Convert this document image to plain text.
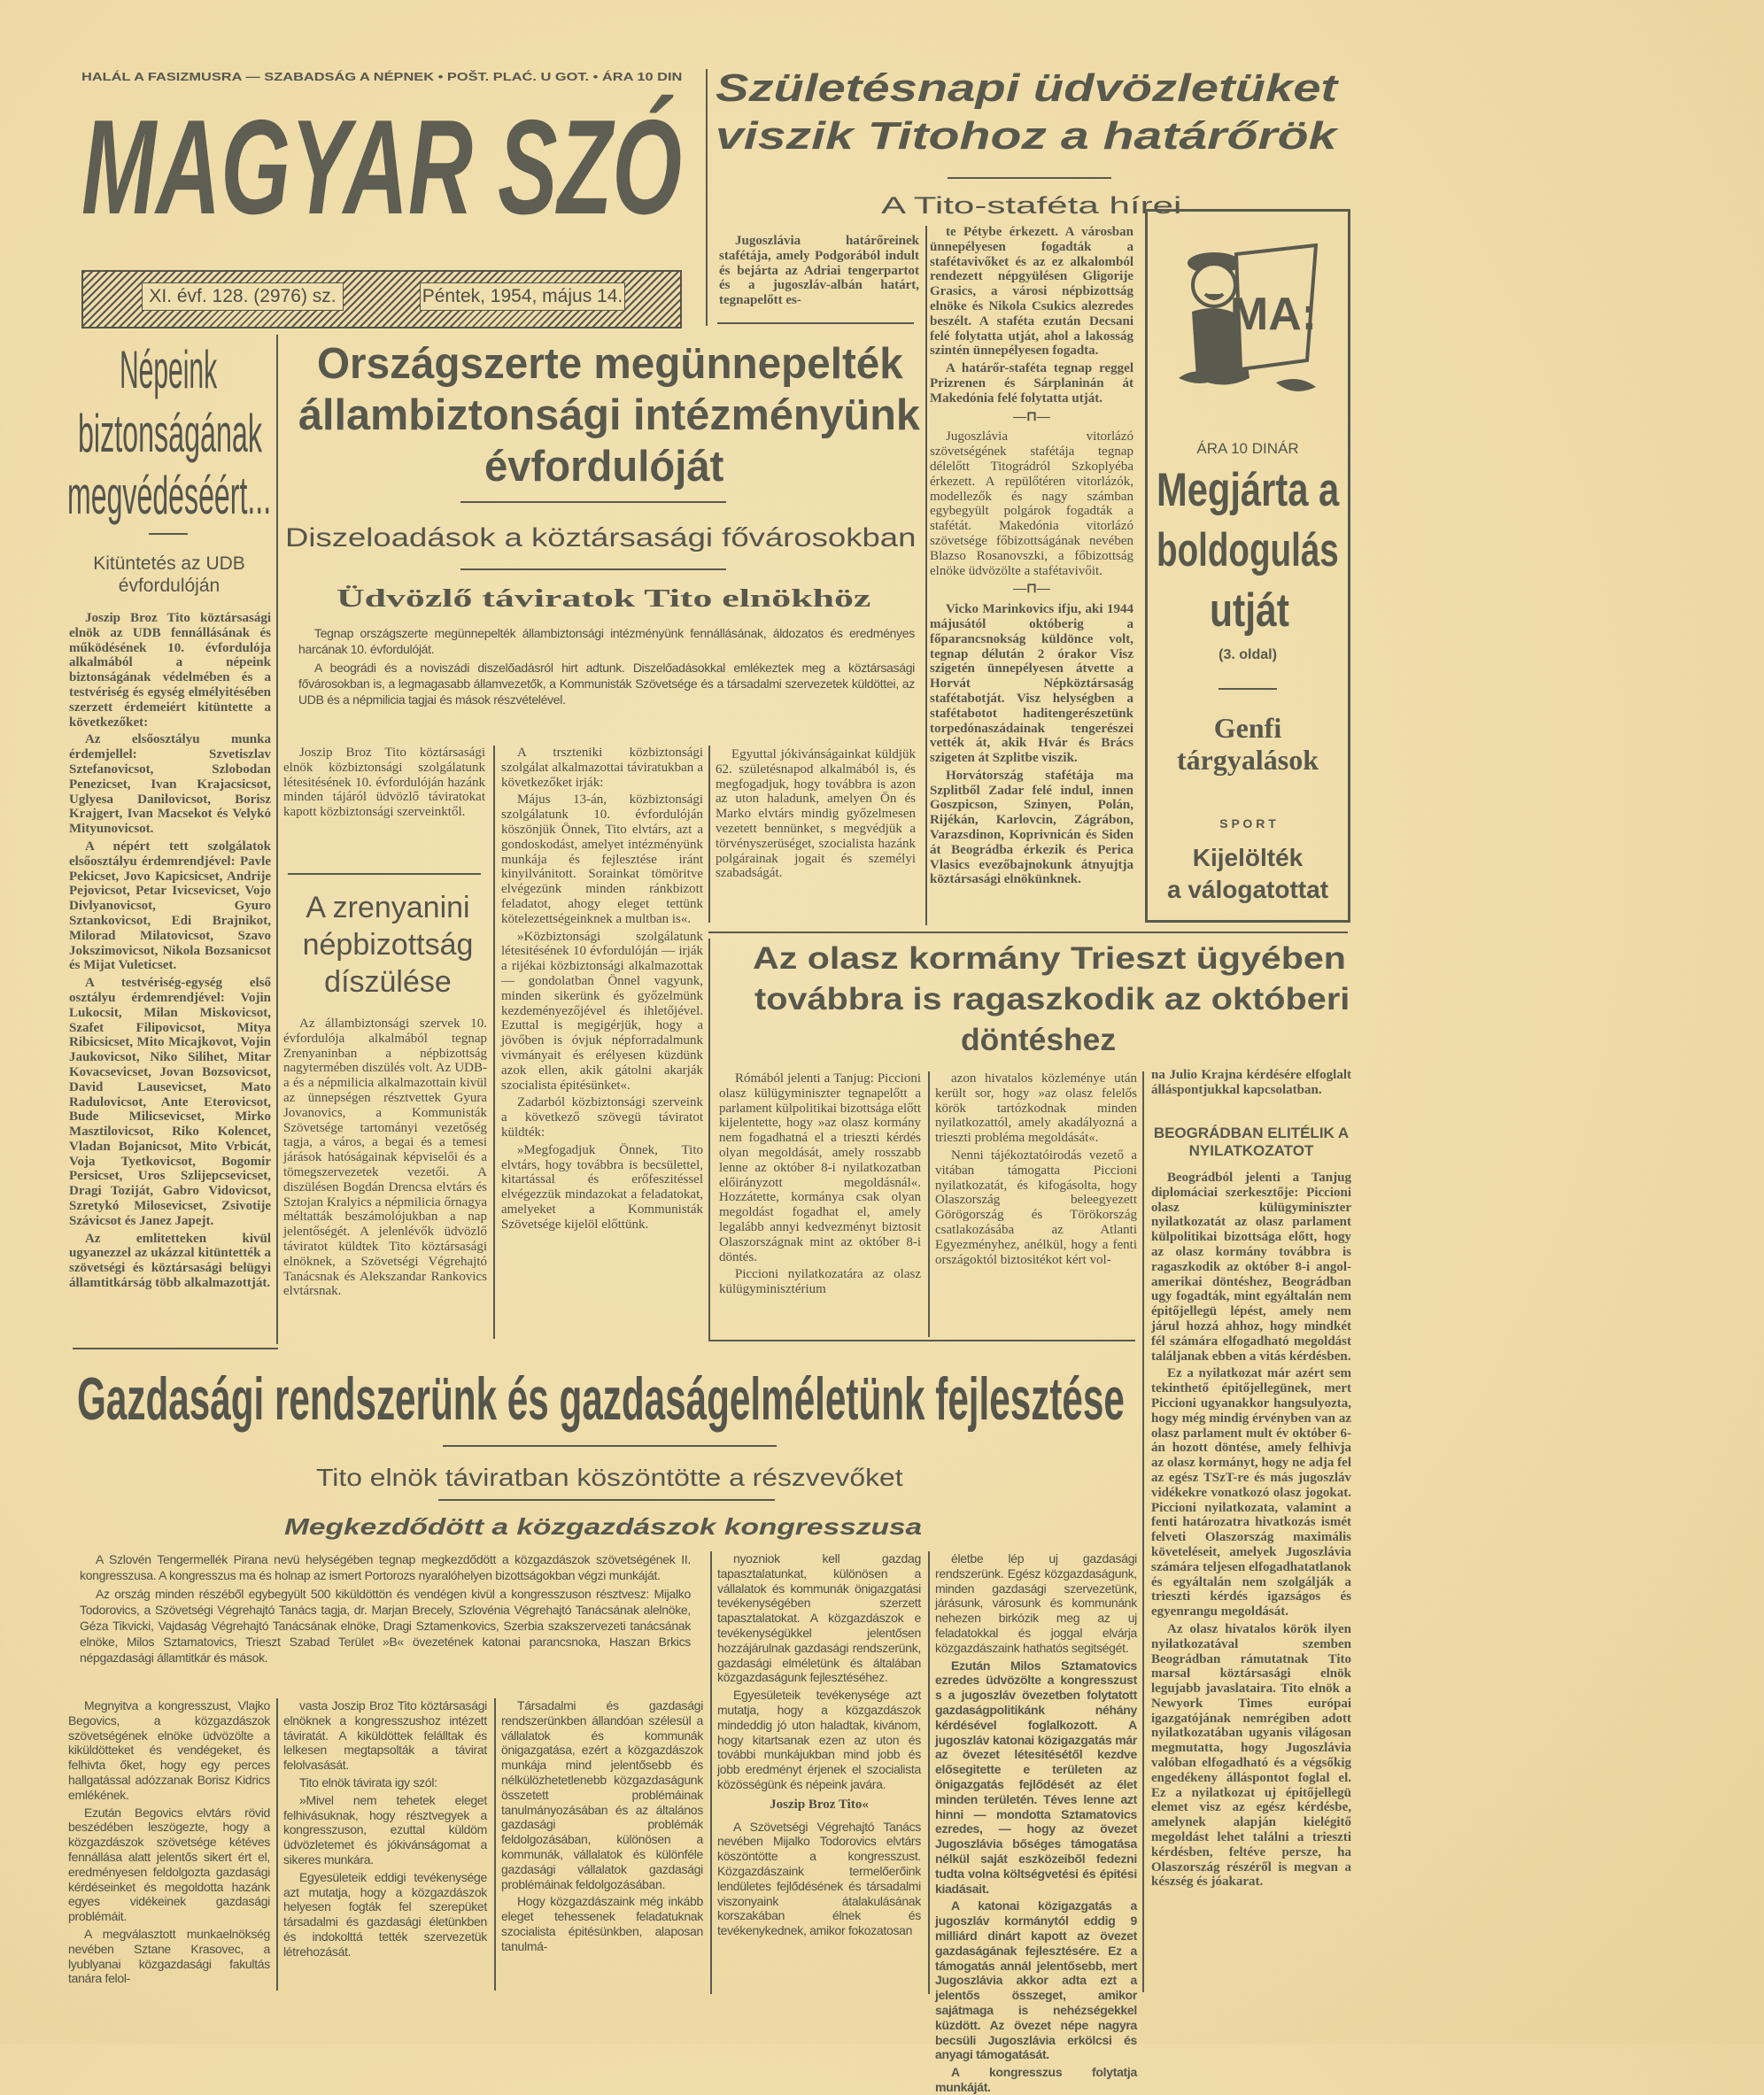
HALÁL A FASIZMUSRA — SZABADSÁG A NÉPNEK • POŠT. PLAĆ. U GOT. • ÁRA 10 DIN
MAGYAR SZÓ
XI. évf. 128. (2976) sz.	Péntek, 1954, május 14.
Születésnapi üdvözletüket
viszik Titohoz a határőrök
A Tito-staféta hírei

Jugoszlávia határőreinek stafétája, amely Podgorából indult és bejárta az Adriai tengerpartot és a jugoszláv-albán határt, tegnapelőtt es-

te Pétybe érkezett. A városban ünnepélyesen fogadták a stafétavivőket és az ez alkalomból rendezett népgyülésen Gligorije Grasics, a városi népbizottság elnöke és Nikola Csukics alezredes beszélt. A staféta ezután Decsani felé folytatta utját, ahol a lakosság szintén ünnepélyesen fogadta.

A határőr-staféta tegnap reggel Prizrenen és Sárplaninán át Makedónia felé folytatta utját.

—⊓—

Jugoszlávia vitorlázó szövetségének stafétája tegnap délelőtt Titográdról Szkoplyéba érkezett. A repülőtéren vitorlázók, modellezők és nagy számban egybegyült polgárok fogadták a stafétát. Makedónia vitorlázó szövetsége főbizottságának nevében Blazso Rosanovszki, a főbizottság elnöke üdvözölte a stafétavivőit.

—⊓—

Vicko Marinkovics ifju, aki 1944 májusától októberig a főparancsnokság küldönce volt, tegnap délután 2 órakor Visz szigetén ünnepélyesen átvette a Horvát Népköztársaság stafétabotját. Visz helységben a stafétabotot haditengerészetünk torpedónaszádainak tengerészei vették át, akik Hvár és Brács szigeten át Szplitbe viszik.

Horvátország stafétája ma Szplitből Zadar felé indul, innen Goszpicson, Szinyen, Polán, Rijékán, Karlovcin, Zágrábon, Varazsdinon, Koprivnicán és Siden át Beográdba érkezik és Perica Vlasics evezőbajnokunk átnyujtja köztársasági elnökünknek.

MA:
ÁRA 10 DINÁR
Megjárta a
boldogulás
utját
(3. oldal)
Genfi
tárgyalások
S P O R T
Kijelölték
a válogatottat
Népeink
biztonságának
megvédéséért...
Kitüntetés az UDB
évfordulóján

Joszip Broz Tito köztársasági elnök az UDB fennállásának és működésének 10. évfordulója alkalmából a népeink biztonságának védelmében és a testvériség és egység elmélyitésében szerzett érdemeiért kitüntette a következőket:

Az elsőosztályu munka érdemjellel: Szvetiszlav Sztefanovicsot, Szlobodan Penezicset, Ivan Krajacsicsot, Uglyesa Danilovicsot, Borisz Krajgert, Ivan Macsekot és Velykó Mityunovicsot.

A népért tett szolgálatok elsőosztályu érdemrendjével: Pavle Pekicset, Jovo Kapicsicset, Andrije Pejovicsot, Petar Ivicsevicset, Vojo Divlyanovicsot, Gyuro Sztankovicsot, Edi Brajnikot, Milorad Milatovicsot, Szavo Jokszimovicsot, Nikola Bozsanicsot és Mijat Vuleticset.

A testvériség-egység első osztályu érdemrendjével: Vojin Lukocsit, Milan Miskovicsot, Szafet Filipovicsot, Mitya Ribicsicset, Mito Micajkovot, Vojin Jaukovicsot, Niko Silihet, Mitar Kovacsevicset, Jovan Bozsovicsot, David Lausevicset, Mato Radulovicsot, Ante Eterovicsot, Bude Milicsevicset, Mirko Masztilovicsot, Riko Kolencet, Vladan Bojanicsot, Mito Vrbicát, Voja Tyetkovicsot, Bogomir Persicset, Uros Szlijepcsevicset, Dragi Toziját, Gabro Vidovicsot, Szretykó Milosevicset, Zsivotije Szávicsot és Janez Japejt.

Az emlitetteken kivül ugyanezzel az ukázzal kitüntették a szövetségi és köztársasági belügyi államtitkárság több alkalmazottját.

Országszerte megünnepelték
állambiztonsági intézményünk
évfordulóját
Diszeloadások a köztársasági fővárosokban
Üdvözlő táviratok Tito elnökhöz

Tegnap országszerte megünnepelték állambiztonsági intézményünk fennállásának, áldozatos és eredményes harcának 10. évfordulóját.

A beográdi és a noviszádi diszelőadásról hirt adtunk. Diszelőadásokkal emlékeztek meg a köztársasági fővárosokban is, a legmagasabb államvezetők, a Kommunisták Szövetsége és a társadalmi szervezetek küldöttei, az UDB és a népmilicia tagjai és mások részvételével.

Joszip Broz Tito köztársasági elnök közbiztonsági szolgálatunk létesitésének 10. évfordulóján hazánk minden tájáról üdvözlő táviratokat kapott közbiztonsági szerveinktől.

A zrenyanini
népbizottság
díszülése

Az állambiztonsági szervek 10. évfordulója alkalmából tegnap Zrenyaninban a népbizottság nagytermében diszülés volt. Az UDB-a és a népmilicia alkalmazottain kivül az ünnepségen résztvettek Gyura Jovanovics, a Kommunisták Szövetsége tartományi vezetőség tagja, a város, a begai és a temesi járások hatóságainak képviselői és a tömegszervezetek vezetői. A diszülésen Bogdán Drencsa elvtárs és Sztojan Kralyics a népmilicia őrnagya méltatták beszámolójukban a nap jelentőségét. A jelenlévők üdvözlő táviratot küldtek Tito köztársasági elnöknek, a Szövetségi Végrehajtó Tanácsnak és Alekszandar Rankovics elvtársnak.

A trszteniki közbiztonsági szolgálat alkalmazottai táviratukban a következőket irják:

Május 13-án, közbiztonsági szolgálatunk 10. évfordulóján köszönjük Önnek, Tito elvtárs, azt a gondoskodást, amelyet intézményünk munkája és fejlesztése iránt kinyilvánitott. Sorainkat tömöritve elvégezünk minden ránkbizott feladatot, ahogy eleget tettünk kötelezettségeinknek a multban is«.

»Közbiztonsági szolgálatunk létesitésének 10 évfordulóján — irják a rijékai közbiztonsági alkalmazottak — gondolatban Önnel vagyunk, minden sikerünk és győzelmünk kezdeményezőjével és ihletőjével. Ezuttal is megigérjük, hogy a jövőben is óvjuk népforradalmunk vivmányait és erélyesen küzdünk azok ellen, akik gátolni akarják szocialista épitésünket«.

Zadarból közbiztonsági szerveink a következő szövegü táviratot küldték:

»Megfogadjuk Önnek, Tito elvtárs, hogy továbbra is becsülettel, kitartással és erőfeszitéssel elvégezzük mindazokat a feladatokat, amelyeket a Kommunisták Szövetsége kijelöl előttünk.

Egyuttal jókivánságainkat küldjük 62. születésnapod alkalmából is, és megfogadjuk, hogy továbbra is azon az uton haladunk, amelyen Ön és Marko elvtárs mindig győzelmesen vezetett bennünket, s megvédjük a törvényszerüséget, szocialista hazánk polgárainak jogait és személyi szabadságát.

Az olasz kormány Trieszt ügyében
továbbra is ragaszkodik az októberi
döntéshez

Rómából jelenti a Tanjug: Piccioni olasz külügyminiszter tegnapelőtt a parlament külpolitikai bizottsága előtt kijelentette, hogy »az olasz kormány nem fogadhatná el a trieszti kérdés olyan megoldását, amely rosszabb lenne az október 8-i nyilatkozatban előirányzott megoldásnál«. Hozzátette, kormánya csak olyan megoldást fogadhat el, amely legalább annyi kedvezményt biztosit Olaszországnak mint az október 8-i döntés.

Piccioni nyilatkozatára az olasz külügyminisztérium

azon hivatalos közleménye után került sor, hogy »az olasz felelős körök tartózkodnak minden nyilatkozattól, amely akadályozná a trieszti probléma megoldását«.

Nenni tájékoztatóirodás vezető a vitában támogatta Piccioni nyilatkozatát, és kifogásolta, hogy Olaszország beleegyezett Görögország és Törökország csatlakozásába az Atlanti Egyezményhez, anélkül, hogy a fenti országoktól biztositékot kért vol-

na Julio Krajna kérdésére elfoglalt álláspontjukkal kapcsolatban.

BEOGRÁDBAN ELITÉLIK A NYILATKOZATOT

Beográdból jelenti a Tanjug diplomáciai szerkesztője: Piccioni olasz külügyminiszter nyilatkozatát az olasz parlament külpolitikai bizottsága előtt, hogy az olasz kormány továbbra is ragaszkodik az október 8-i angol-amerikai döntéshez, Beográdban ugy fogadták, mint egyáltalán nem épitőjellegü lépést, amely nem járul hozzá ahhoz, hogy mindkét fél számára elfogadható megoldást találjanak ebben a vitás kérdésben.

Ez a nyilatkozat már azért sem tekinthető épitőjellegünek, mert Piccioni ugyanakkor hangsulyozta, hogy még mindig érvényben van az olasz parlament mult év október 6-án hozott döntése, amely felhivja az olasz kormányt, hogy ne adja fel az egész TSzT-re és más jugoszláv vidékekre vonatkozó olasz jogokat. Piccioni nyilatkozata, valamint a fenti határozatra hivatkozás ismét felveti Olaszország maximális követeléseit, amelyek Jugoszlávia számára teljesen elfogadhatatlanok és egyáltalán nem szolgálják a trieszti kérdés igazságos és egyenrangu megoldását.

Az olasz hivatalos körök ilyen nyilatkozatával szemben Beográdban rámutatnak Tito marsal köztársasági elnök legujabb javaslataira. Tito elnök a Newyork Times európai igazgatójának nemrégiben adott nyilatkozatában ugyanis világosan megmutatta, hogy Jugoszlávia valóban elfogadható és a végsőkig engedékeny álláspontot foglal el. Ez a nyilatkozat uj épitőjellegü elemet visz az egész kérdésbe, amelynek alapján kielégitő megoldást lehet találni a trieszti kérdésben, feltéve persze, ha Olaszország részéről is megvan a készség és jóakarat.

Gazdasági rendszerünk és gazdaságelméletünk fejlesztése
Tito elnök táviratban köszöntötte a részvevőket
Megkezdődött a közgazdászok kongresszusa

A Szlovén Tengermellék Pirana nevü helységében tegnap megkezdődött a közgazdászok szövetségének II. kongresszusa. A kongresszus ma és holnap az ismert Portorozs nyaralóhelyen bizottságokban végzi munkáját.

Az ország minden részéből egybegyült 500 kiküldöttön és vendégen kivül a kongresszuson résztvesz: Mijalko Todorovics, a Szövetségi Végrehajtó Tanács tagja, dr. Marjan Brecely, Szlovénia Végrehajtó Tanácsának alelnöke, Géza Tikvicki, Vajdaság Végrehajtó Tanácsának elnöke, Dragi Sztamenkovics, Szerbia szakszervezeti tanácsának elnöke, Milos Sztamatovics, Trieszt Szabad Terület »B« övezetének katonai parancsnoka, Haszan Brkics népgazdasági államtitkár és mások.

Megnyitva a kongresszust, Vlajko Begovics, a közgazdászok szövetségének elnöke üdvözölte a kiküldötteket és vendégeket, és felhivta őket, hogy egy perces hallgatással adózzanak Borisz Kidrics emlékének.

Ezután Begovics elvtárs rövid beszédében leszögezte, hogy a közgazdászok szövetsége kétéves fennállása alatt jelentős sikert ért el, eredményesen feldolgozta gazdasági kérdéseinket és megoldotta hazánk egyes vidékeinek gazdasági problémáit.

A megválasztott munkaelnökség nevében Sztane Krasovec, a lyublyanai közgazdasági fakultás tanára felol-

vasta Joszip Broz Tito köztársasági elnöknek a kongresszushoz intézett táviratát. A kiküldöttek felálltak és lelkesen megtapsolták a távirat felolvasását.

Tito elnök távirata igy szól:

»Mivel nem tehetek eleget felhivásuknak, hogy résztvegyek a kongresszuson, ezuttal küldöm üdvözletemet és jókivánságomat a sikeres munkára.

Egyesületeik eddigi tevékenysége azt mutatja, hogy a közgazdászok helyesen fogták fel szerepüket társadalmi és gazdasági életünkben és indokolttá tették szervezetük létrehozását.

Társadalmi és gazdasági rendszerünkben állandóan szélesül a vállalatok és kommunák önigazgatása, ezért a közgazdászok munkája mind jelentősebb és nélkülözhetetlenebb közgazdaságunk összetett problémáinak tanulmányozásában és az általános gazdasági problémák feldolgozásában, különösen a kommunák, vállalatok és különféle gazdasági vállalatok gazdasági problémáinak feldolgozásában.

Hogy közgazdászaink még inkább eleget tehessenek feladatuknak szocialista épitésünkben, alaposan tanulmá-

nyozniok kell gazdag tapasztalatunkat, különösen a vállalatok és kommunák önigazgatási tevékenységében szerzett tapasztalatokat. A közgazdászok e tevékenységükkel jelentősen hozzájárulnak gazdasági rendszerünk, gazdasági elméletünk és általában közgazdaságunk fejlesztéséhez.

Egyesületeik tevékenysége azt mutatja, hogy a közgazdászok mindeddig jó uton haladtak, kivánom, hogy kitartsanak ezen az uton és további munkájukban mind jobb és jobb eredményt érjenek el szocialista közösségünk és népeink javára.

Joszip Broz Tito«

A Szövetségi Végrehajtó Tanács nevében Mijalko Todorovics elvtárs köszöntötte a kongresszust. Közgazdászaink termelőerőink lendületes fejlődésének és társadalmi viszonyaink átalakulásának korszakában élnek és tevékenykednek, amikor fokozatosan

életbe lép uj gazdasági rendszerünk. Egész közgazdaságunk, minden gazdasági szervezetünk, járásunk, városunk és kommunánk nehezen birkózik meg az uj feladatokkal és joggal elvárja közgazdászaink hathatós segitségét.

Ezután Milos Sztamatovics ezredes üdvözölte a kongresszust s a jugoszláv övezetben folytatott gazdaságpolitikánk néhány kérdésével foglalkozott. A jugoszláv katonai közigazgatás már az övezet létesitésétől kezdve elősegitette e területen az önigazgatás fejlődését az élet minden területén. Téves lenne azt hinni — mondotta Sztamatovics ezredes, — hogy az övezet Jugoszlávia bőséges támogatása nélkül saját eszközeiből fedezni tudta volna költségvetési és épitési kiadásait.

A katonai közigazgatás a jugoszláv kormánytól eddig 9 milliárd dinárt kapott az övezet gazdaságának fejlesztésére. Ez a támogatás annál jelentősebb, mert Jugoszlávia akkor adta ezt a jelentős összeget, amikor sajátmaga is nehézségekkel küzdött. Az övezet népe nagyra becsüli Jugoszlávia erkölcsi és anyagi támogatását.

A kongresszus folytatja munkáját.
